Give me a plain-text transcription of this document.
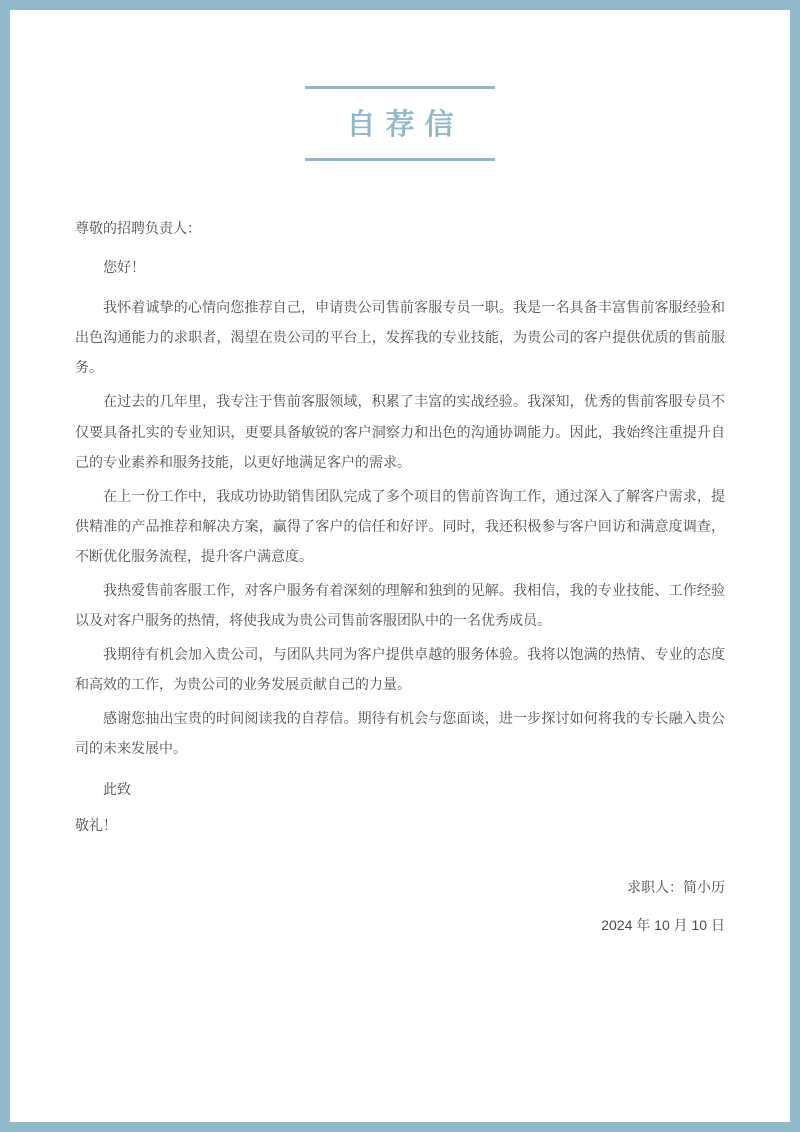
自荐信

尊敬的招聘负责人：

您好！

我怀着诚挚的心情向您推荐自己，申请贵公司售前客服专员一职。我是一名具备丰富售前客服经验和出色沟通能力的求职者，渴望在贵公司的平台上，发挥我的专业技能，为贵公司的客户提供优质的售前服务。

在过去的几年里，我专注于售前客服领域，积累了丰富的实战经验。我深知，优秀的售前客服专员不仅要具备扎实的专业知识，更要具备敏锐的客户洞察力和出色的沟通协调能力。因此，我始终注重提升自己的专业素养和服务技能，以更好地满足客户的需求。

在上一份工作中，我成功协助销售团队完成了多个项目的售前咨询工作，通过深入了解客户需求，提供精准的产品推荐和解决方案，赢得了客户的信任和好评。同时，我还积极参与客户回访和满意度调查，不断优化服务流程，提升客户满意度。

我热爱售前客服工作，对客户服务有着深刻的理解和独到的见解。我相信，我的专业技能、工作经验以及对客户服务的热情，将使我成为贵公司售前客服团队中的一名优秀成员。

我期待有机会加入贵公司，与团队共同为客户提供卓越的服务体验。我将以饱满的热情、专业的态度和高效的工作，为贵公司的业务发展贡献自己的力量。

感谢您抽出宝贵的时间阅读我的自荐信。期待有机会与您面谈，进一步探讨如何将我的专长融入贵公司的未来发展中。

此致

敬礼！

求职人：简小历

2024 年 10 月 10 日
